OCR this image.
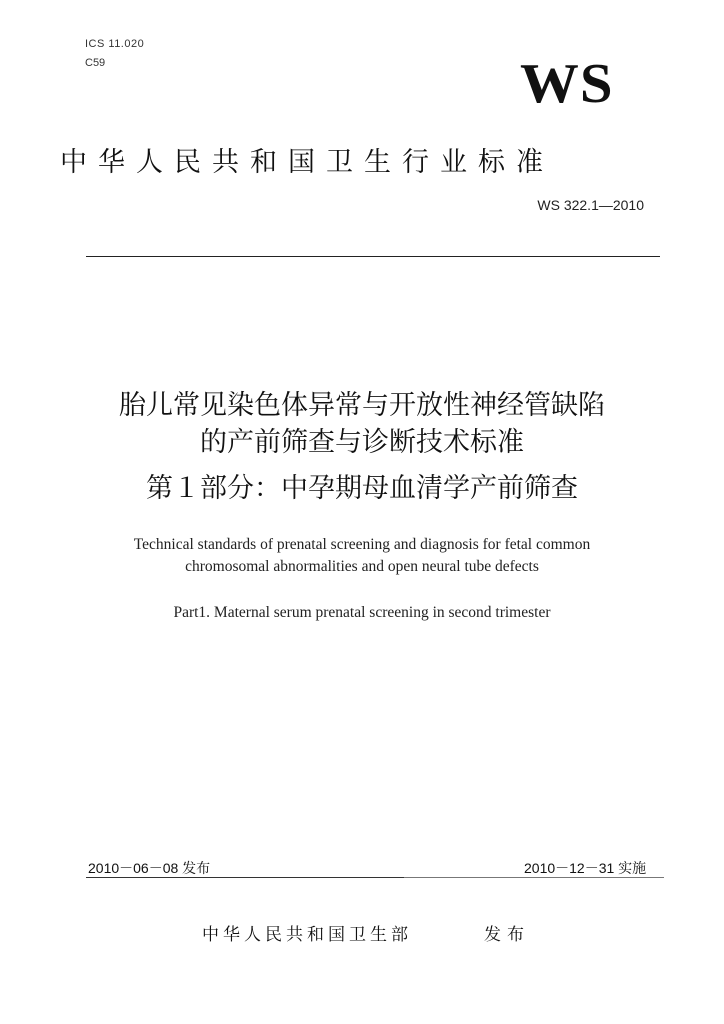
ICS 11.020
C59	WS
中华人民共和国卫生行业标准
WS 322.1—2010
胎儿常见染色体异常与开放性神经管缺陷
的产前筛查与诊断技术标准
第１部分：中孕期母血清学产前筛查
Technical standards of prenatal screening and diagnosis for fetal common
chromosomal abnormalities and open neural tube defects
Part1. Maternal serum prenatal screening in second trimester
2010－06－08 发布	2010－12－31 实施
中华人民共和国卫生部	发布
